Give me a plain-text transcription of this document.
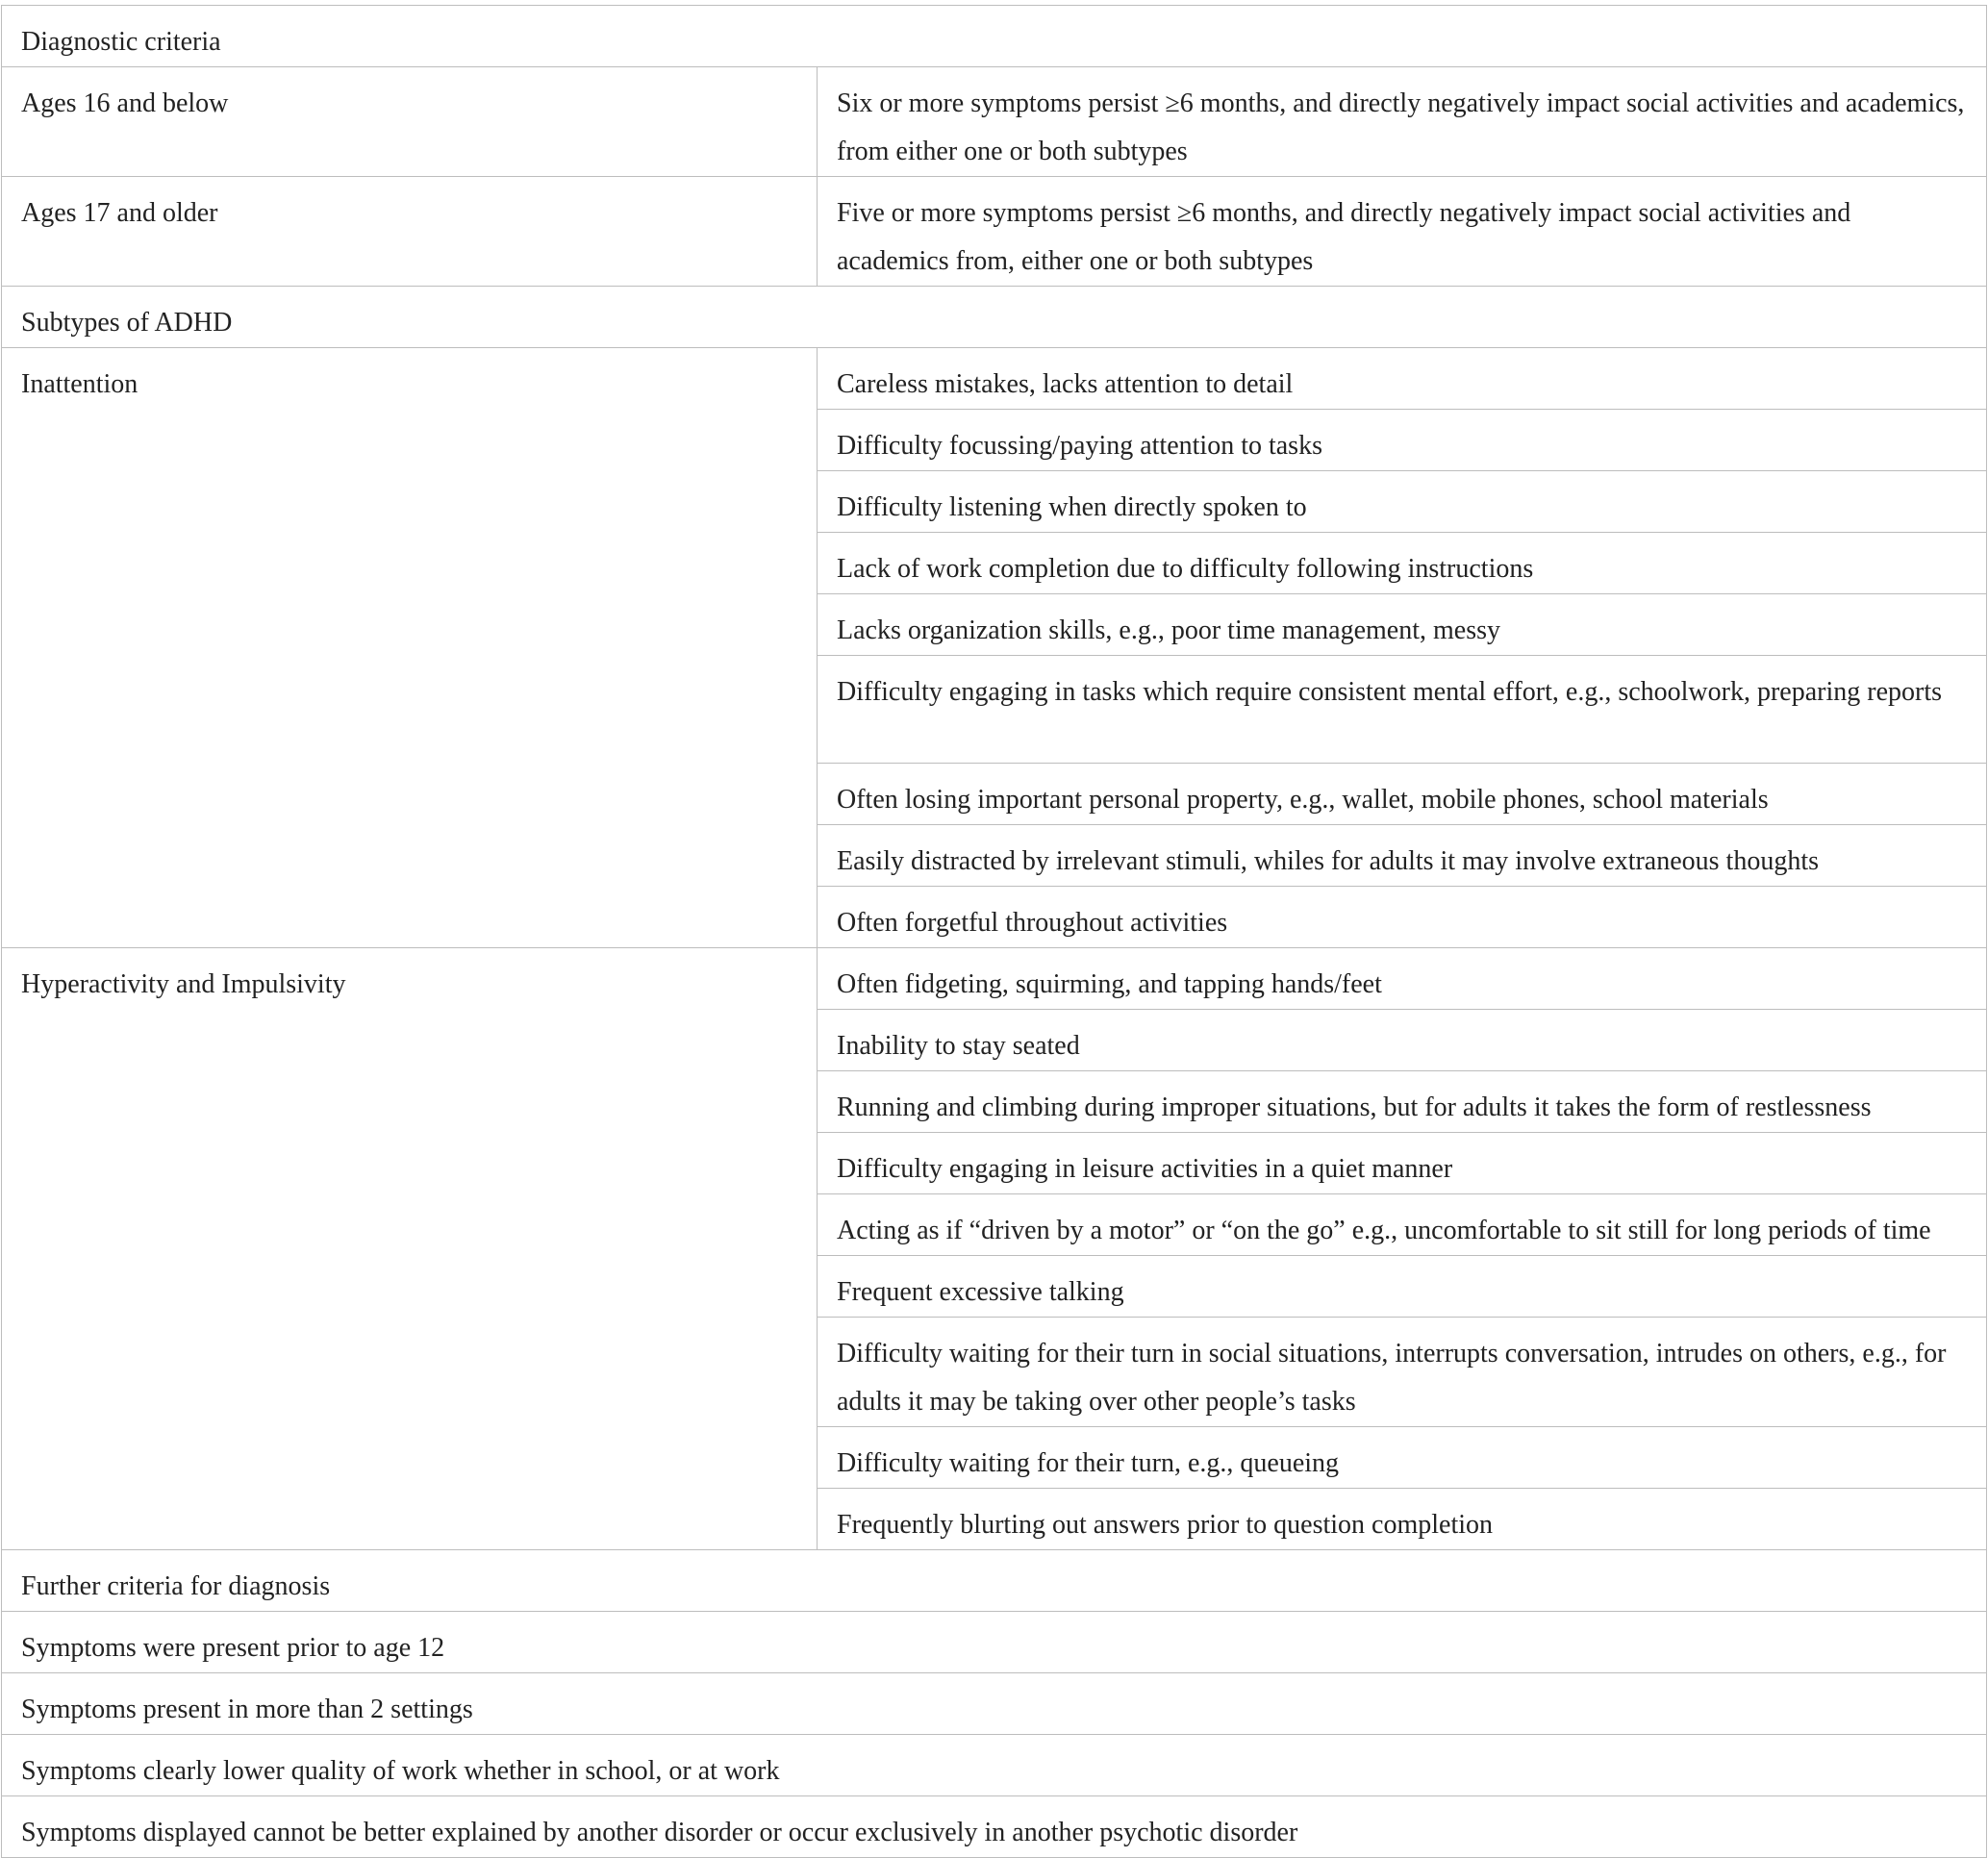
Diagnostic criteria	
Ages 16 and below	Six or more symptoms persist ≥6 months, and directly negatively impact social activities and academics, from either one or both subtypes
Ages 17 and older	Five or more symptoms persist ≥6 months, and directly negatively impact social activities and academics from, either one or both subtypes
Subtypes of ADHD	
Inattention	Careless mistakes, lacks attention to detail
	Difficulty focussing/paying attention to tasks
	Difficulty listening when directly spoken to
	Lack of work completion due to difficulty following instructions
	Lacks organization skills, e.g., poor time management, messy
	Difficulty engaging in tasks which require consistent mental effort, e.g., schoolwork, preparing reports
	Often losing important personal property, e.g., wallet, mobile phones, school materials
	Easily distracted by irrelevant stimuli, whiles for adults it may involve extraneous thoughts
	Often forgetful throughout activities
Hyperactivity and Impulsivity	Often fidgeting, squirming, and tapping hands/feet
	Inability to stay seated
	Running and climbing during improper situations, but for adults it takes the form of restlessness
	Difficulty engaging in leisure activities in a quiet manner
	Acting as if “driven by a motor” or “on the go” e.g., uncomfortable to sit still for long periods of time
	Frequent excessive talking
	Difficulty waiting for their turn in social situations, interrupts conversation, intrudes on others, e.g., for adults it may be taking over other people’s tasks
	Difficulty waiting for their turn, e.g., queueing
	Frequently blurting out answers prior to question completion
Further criteria for diagnosis	
Symptoms were present prior to age 12	
Symptoms present in more than 2 settings	
Symptoms clearly lower quality of work whether in school, or at work	
Symptoms displayed cannot be better explained by another disorder or occur exclusively in another psychotic disorder	
